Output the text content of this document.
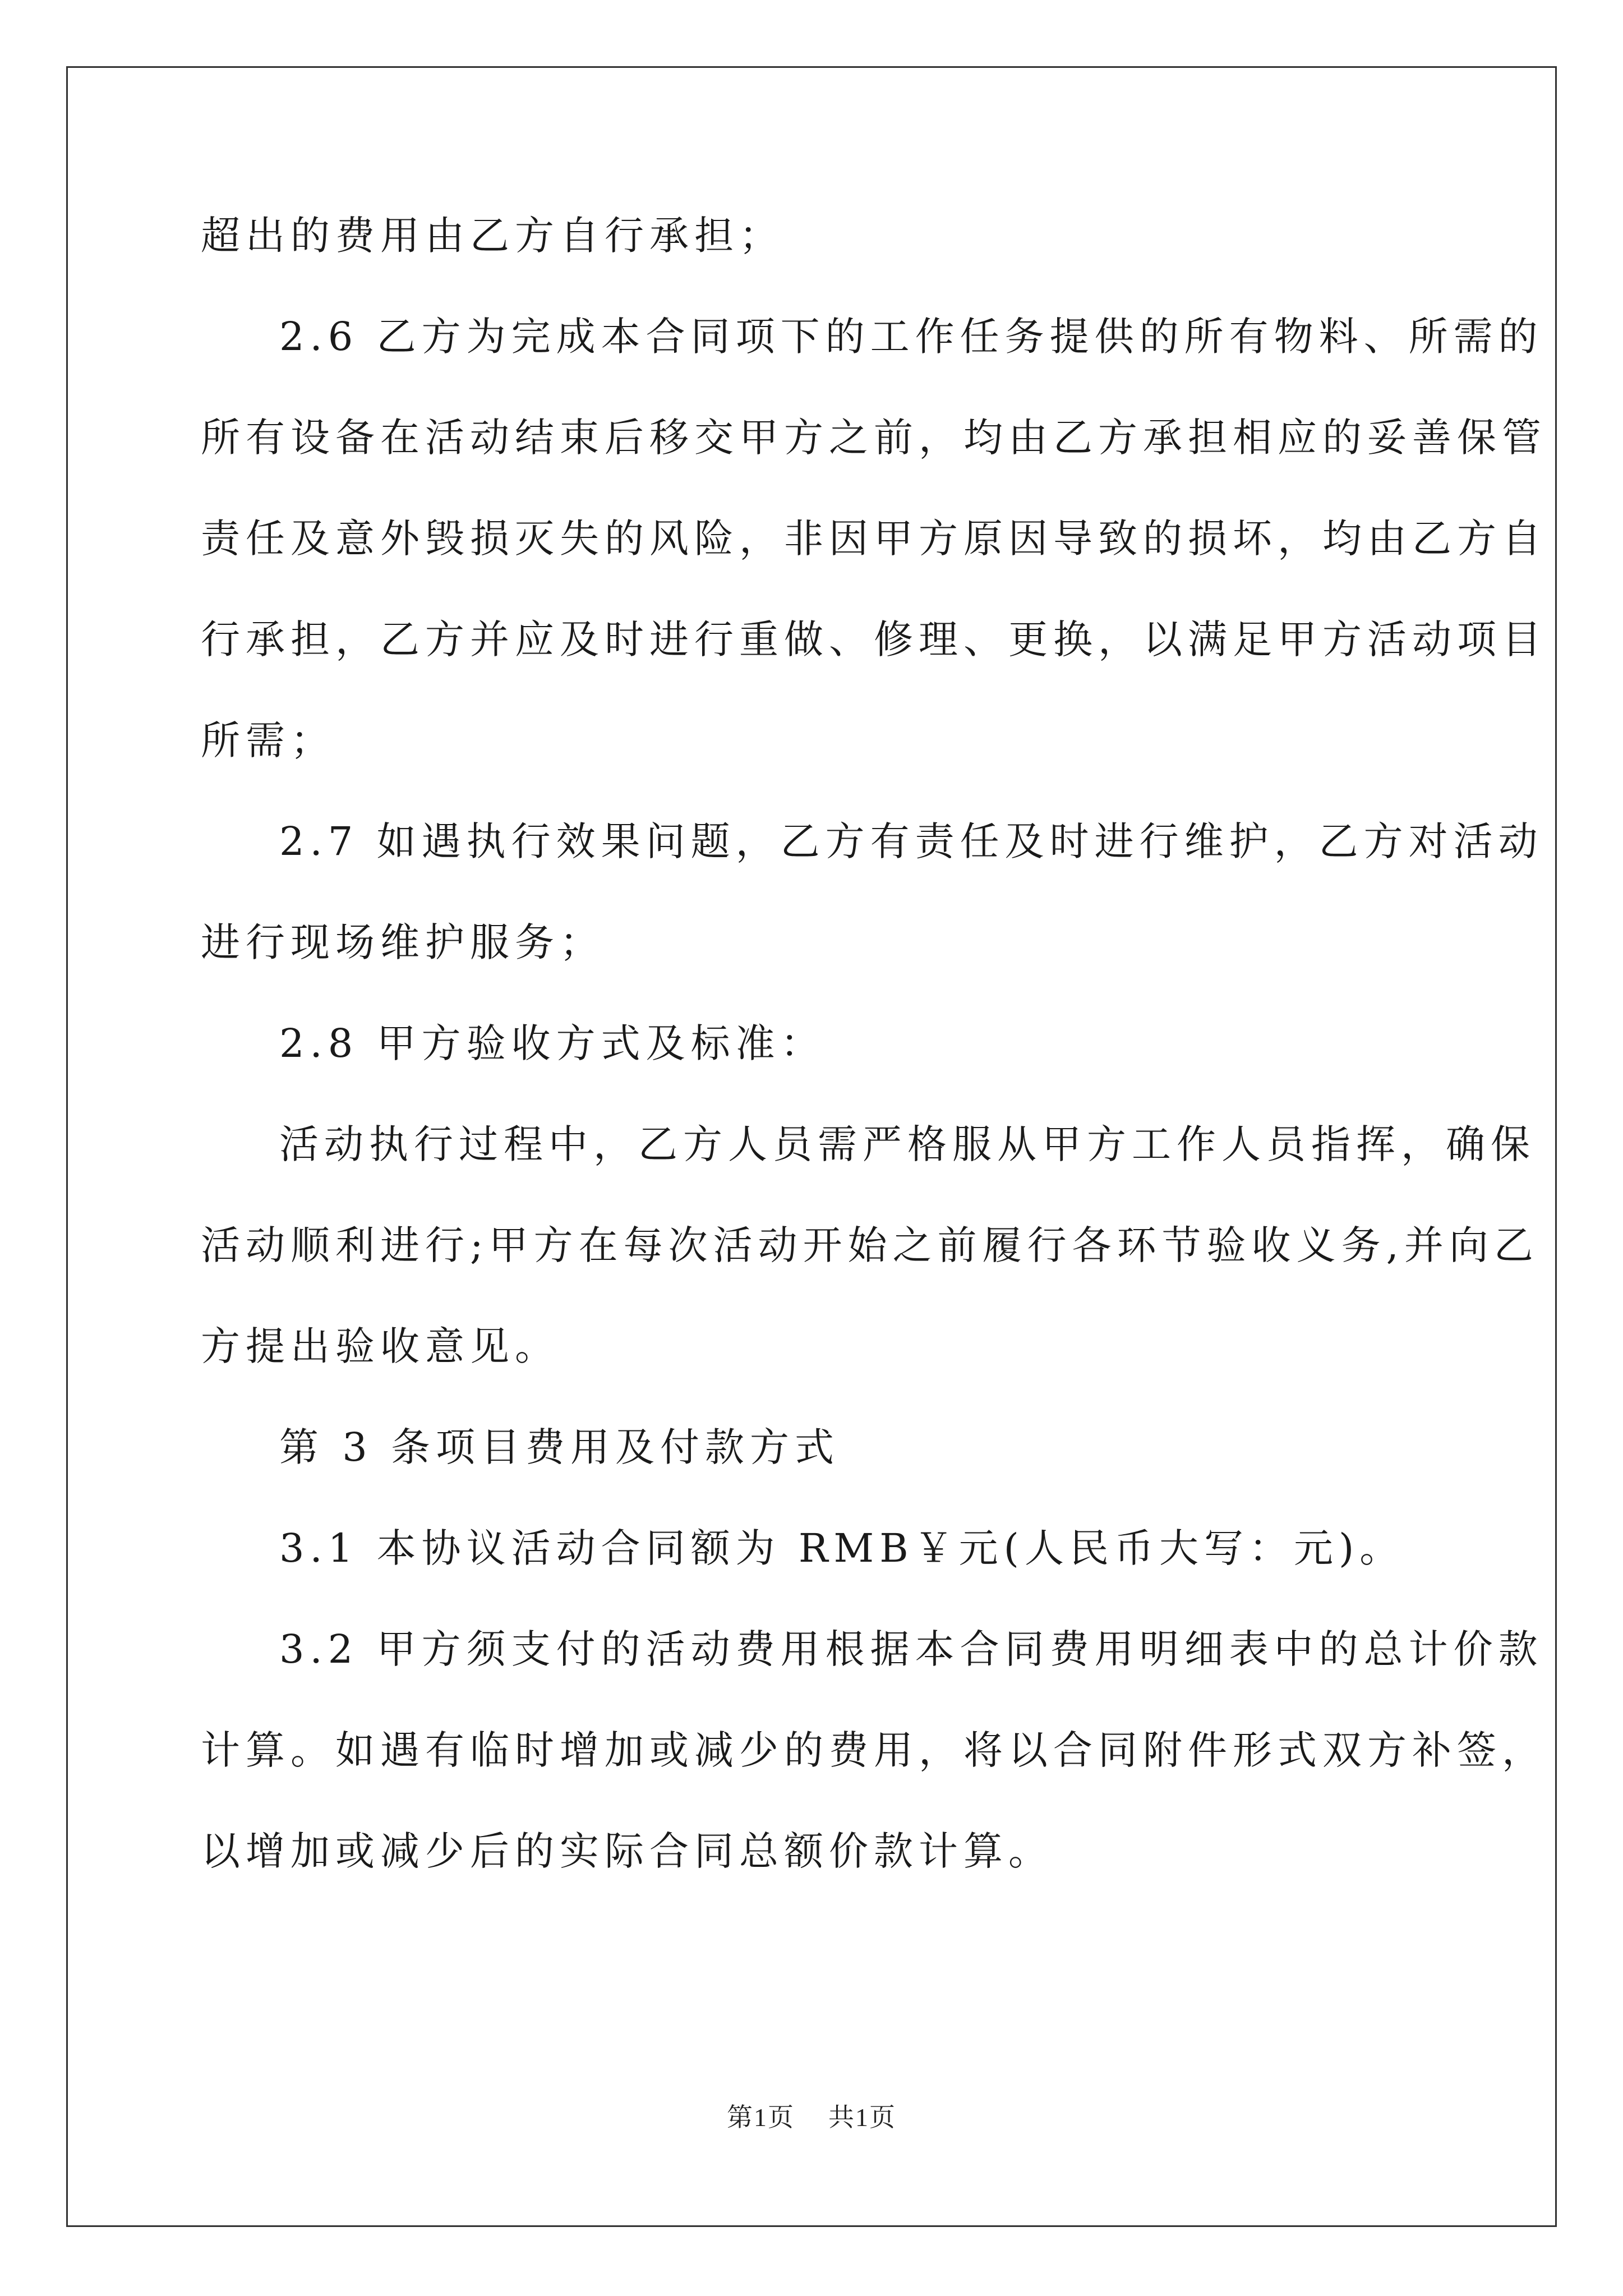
超出的费用由乙方自行承担；

2.6 乙方为完成本合同项下的工作任务提供的所有物料、所需的

所有设备在活动结束后移交甲方之前，均由乙方承担相应的妥善保管

责任及意外毁损灭失的风险，非因甲方原因导致的损坏，均由乙方自

行承担，乙方并应及时进行重做、修理、更换，以满足甲方活动项目

所需；

2.7 如遇执行效果问题，乙方有责任及时进行维护，乙方对活动

进行现场维护服务；

2.8 甲方验收方式及标准：

活动执行过程中，乙方人员需严格服从甲方工作人员指挥，确保

活动顺利进行;甲方在每次活动开始之前履行各环节验收义务,并向乙

方提出验收意见。

第 3 条项目费用及付款方式

3.1 本协议活动合同额为 RMB￥元(人民币大写：元)。

3.2 甲方须支付的活动费用根据本合同费用明细表中的总计价款

计算。如遇有临时增加或减少的费用，将以合同附件形式双方补签，

以增加或减少后的实际合同总额价款计算。

第1页 共1页
